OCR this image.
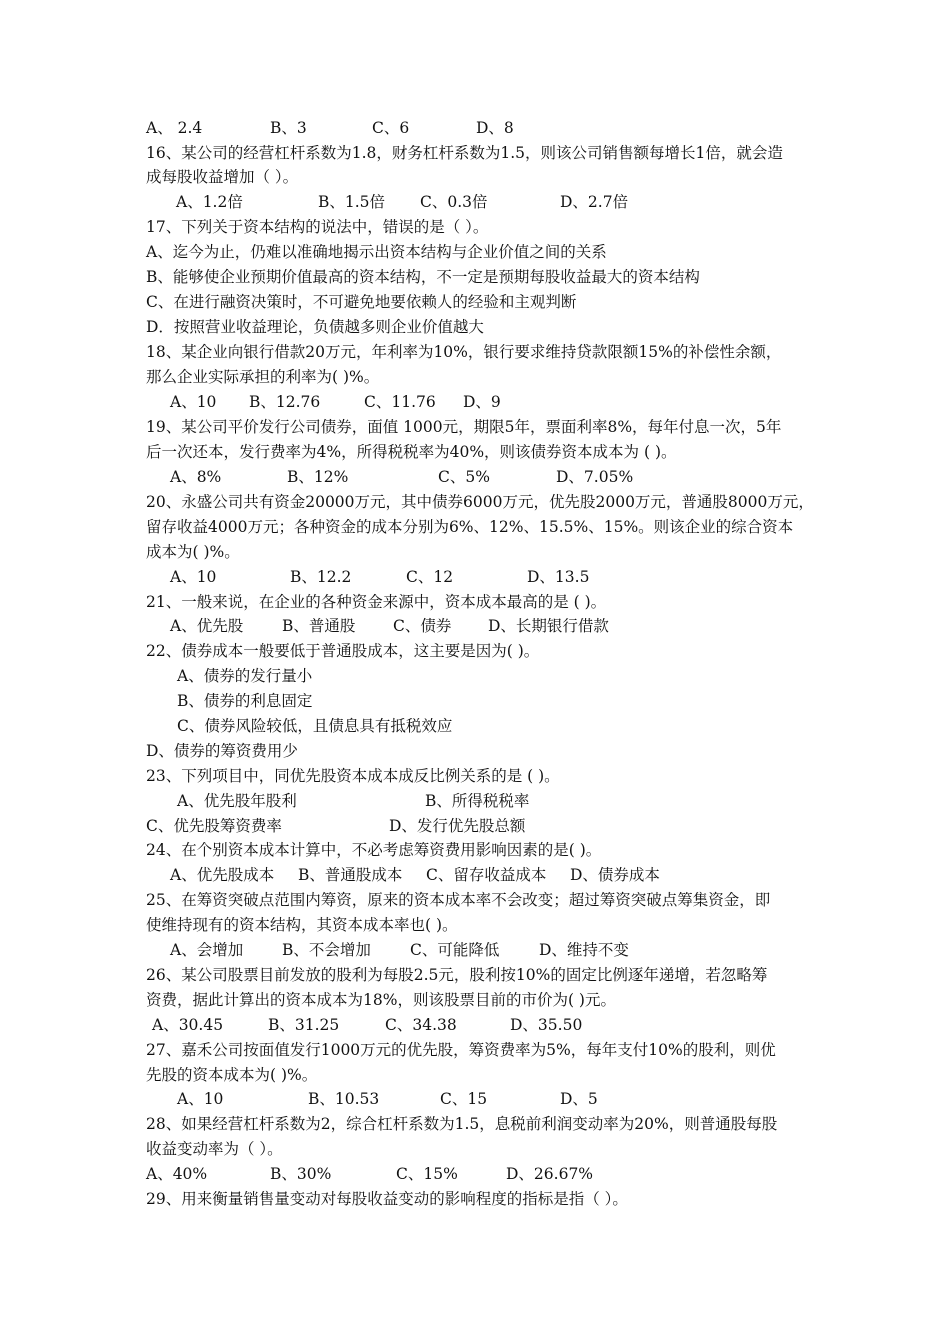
A、 2.4	B、3	C、6	D、8
16、某公司的经营杠杆系数为1.8，财务杠杆系数为1.5，则该公司销售额每增长1倍，就会造
成每股收益增加（ ）。
A、1.2倍	B、1.5倍 C、0.3倍	D、2.7倍
17、下列关于资本结构的说法中，错误的是（ ）。
A、迄今为止，仍难以准确地揭示出资本结构与企业价值之间的关系
B、能够使企业预期价值最高的资本结构，不一定是预期每股收益最大的资本结构
C、在进行融资决策时，不可避免地要依赖人的经验和主观判断
D．按照营业收益理论，负债越多则企业价值越大
18、某企业向银行借款20万元，年利率为10%，银行要求维持贷款限额15%的补偿性余额，
那么企业实际承担的利率为( )%。
A、10 B、12.76	C、11.76 D、9
19、某公司平价发行公司债券，面值 1000元，期限5年，票面利率8%，每年付息一次，5年
后一次还本，发行费率为4%，所得税税率为40%，则该债券资本成本为 ( )。
A、8%	B、12%	C、5%	D、7.05%
20、永盛公司共有资金20000万元，其中债券6000万元，优先股2000万元，普通股8000万元，
留存收益4000万元；各种资金的成本分别为6%、12%、15.5%、15%。则该企业的综合资本
成本为( )%。
A、10	B、12.2	C、12	D、13.5
21、一般来说，在企业的各种资金来源中，资本成本最高的是 ( )。
A、优先股	B、普通股 C、债券 D、长期银行借款
22、债券成本一般要低于普通股成本，这主要是因为( )。
A、债券的发行量小
B、债券的利息固定
C、债券风险较低，且债息具有抵税效应
D、债券的筹资费用少
23、下列项目中，同优先股资本成本成反比例关系的是 ( )。
A、优先股年股利	B、所得税税率
C、优先股筹资费率	D、发行优先股总额
24、在个别资本成本计算中，不必考虑筹资费用影响因素的是( )。
A、优先股成本 B、普通股成本 C、留存收益成本 D、债券成本
25、在筹资突破点范围内筹资，原来的资本成本率不会改变；超过筹资突破点筹集资金，即
使维持现有的资本结构，其资本成本率也( )。
A、会增加	B、不会增加	C、可能降低	D、维持不变
26、某公司股票目前发放的股利为每股2.5元，股利按10%的固定比例逐年递增，若忽略筹
资费，据此计算出的资本成本为18%，则该股票目前的市价为( )元。
A、30.45	B、31.25	C、34.38	D、35.50
27、嘉禾公司按面值发行1000万元的优先股，筹资费率为5%，每年支付10%的股利，则优
先股的资本成本为( )%。
A、10	B、10.53	C、15	D、5
28、如果经营杠杆系数为2，综合杠杆系数为1.5，息税前利润变动率为20%，则普通股每股
收益变动率为（ ）。
A、40%	B、30%	C、15%	D、26.67%
29、用来衡量销售量变动对每股收益变动的影响程度的指标是指（ ）。
